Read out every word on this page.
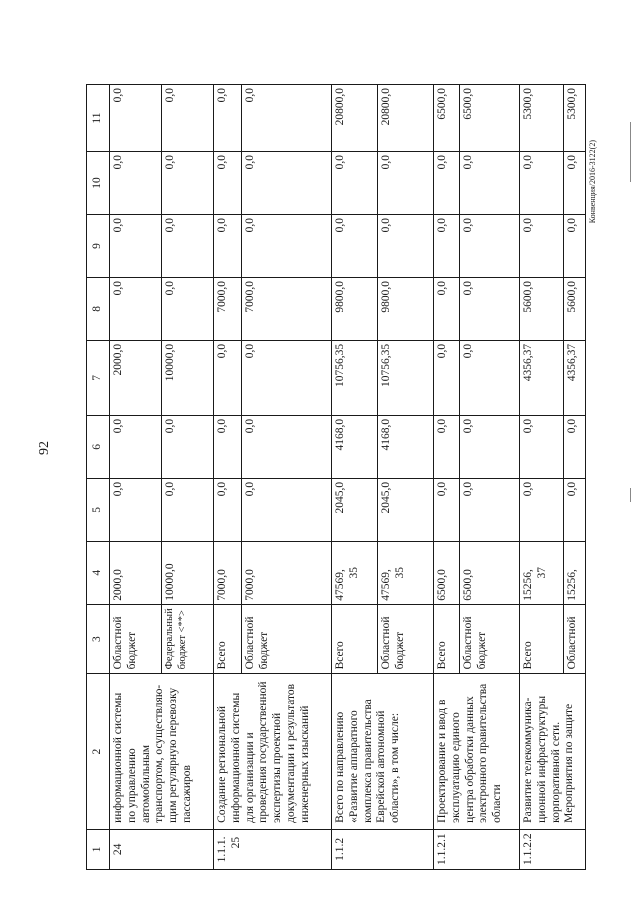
92
Конвенция/2016-3122(2)
1	2	3	4	5	6	7	8	9	10	11
24	информационной системы по управлению автомобильным транспортом, осуществляю-щим регулярную перевозку пассажиров	Областной бюджет	2000,0	0,0	0,0	2000,0	0,0	0,0	0,0	0,0
		Федеральный бюджет <**>	10000,0	0,0	0,0	10000,0	0,0	0,0	0,0	0,0
1.1.1. 25	Создание региональной информационной системы для организации и проведения государственной экспертизы проектной документации и результатов инженерных изысканий	Всего	7000,0	0,0	0,0	0,0	7000,0	0,0	0,0	0,0
		Областной бюджет	7000,0	0,0	0,0	0,0	7000,0	0,0	0,0	0,0
1.1.2	Всего по направлению «Развитие аппаратного комплекса правительства Еврейской автономной области», в том числе:	Всего	47569, 35	2045,0	4168,0	10756,35	9800,0	0,0	0,0	20800,0
		Областной бюджет	47569, 35	2045,0	4168,0	10756,35	9800,0	0,0	0,0	20800,0
1.1.2.1	Проектирование и ввод в эксплуатацию единого центра обработки данных электронного правительства области	Всего	6500,0	0,0	0,0	0,0	0,0	0,0	0,0	6500,0
		Областной бюджет	6500,0	0,0	0,0	0,0	0,0	0,0	0,0	6500,0
1.1.2.2	Развитие телекоммуника-ционной инфраструктуры корпоративной сети. Мероприятия по защите	Всего	15256, 37	0,0	0,0	4356,37	5600,0	0,0	0,0	5300,0
		Областной	15256,	0,0	0,0	4356,37	5600,0	0,0	0,0	5300,0
